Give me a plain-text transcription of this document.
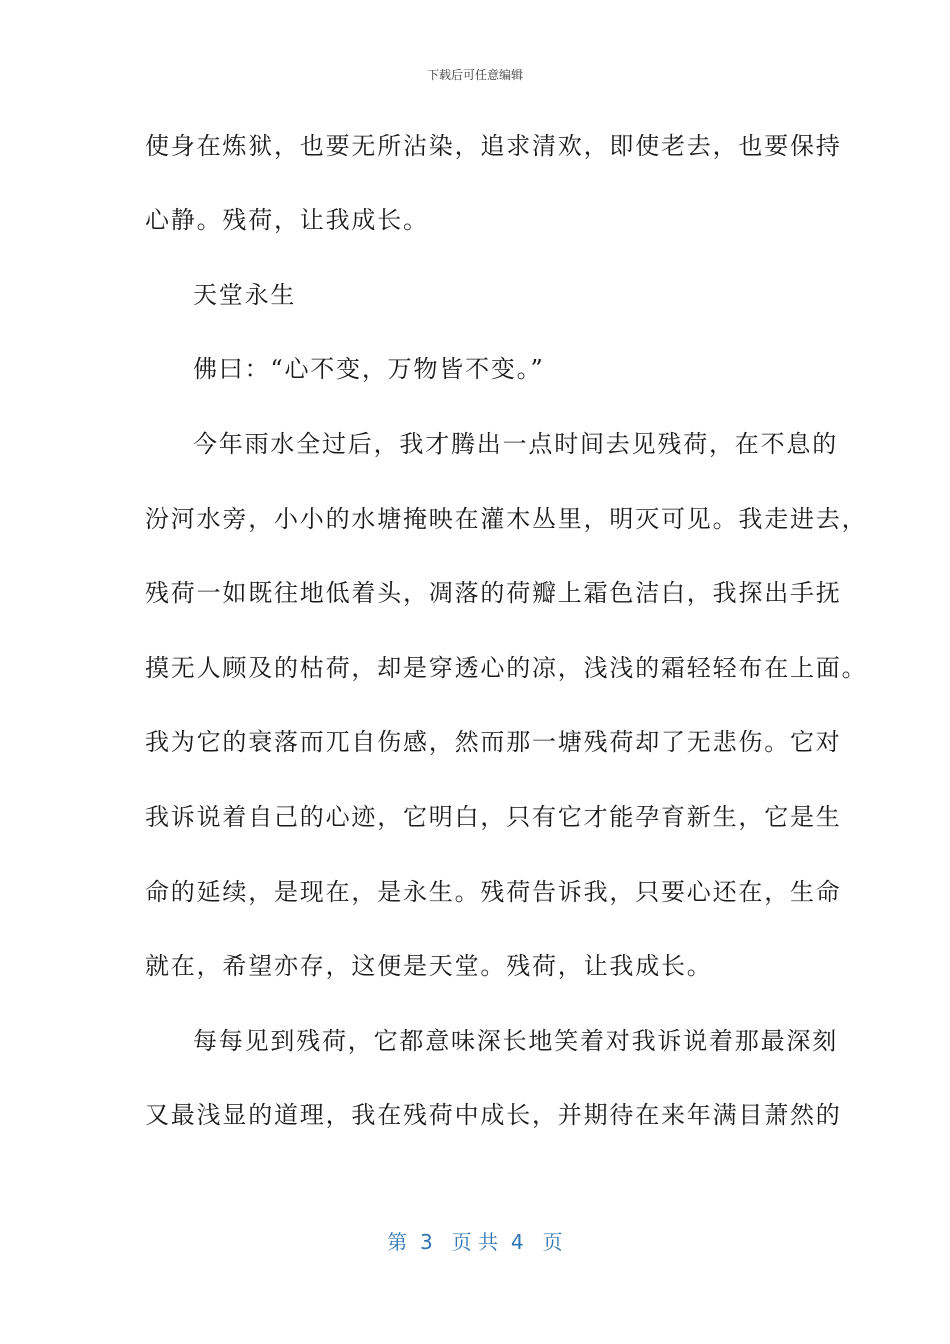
下载后可任意编辑
使身在炼狱，也要无所沾染，追求清欢，即使老去，也要保持
心静。残荷，让我成长。
天堂永生
佛曰：“心不变，万物皆不变。”
今年雨水全过后，我才腾出一点时间去见残荷，在不息的
汾河水旁，小小的水塘掩映在灌木丛里，明灭可见。我走进去，
残荷一如既往地低着头，凋落的荷瓣上霜色洁白，我探出手抚
摸无人顾及的枯荷，却是穿透心的凉，浅浅的霜轻轻布在上面。
我为它的衰落而兀自伤感，然而那一塘残荷却了无悲伤。它对
我诉说着自己的心迹，它明白，只有它才能孕育新生，它是生
命的延续，是现在，是永生。残荷告诉我，只要心还在，生命
就在，希望亦存，这便是天堂。残荷，让我成长。
每每见到残荷，它都意味深长地笑着对我诉说着那最深刻
又最浅显的道理，我在残荷中成长，并期待在来年满目萧然的
第  3   页 共  4   页
